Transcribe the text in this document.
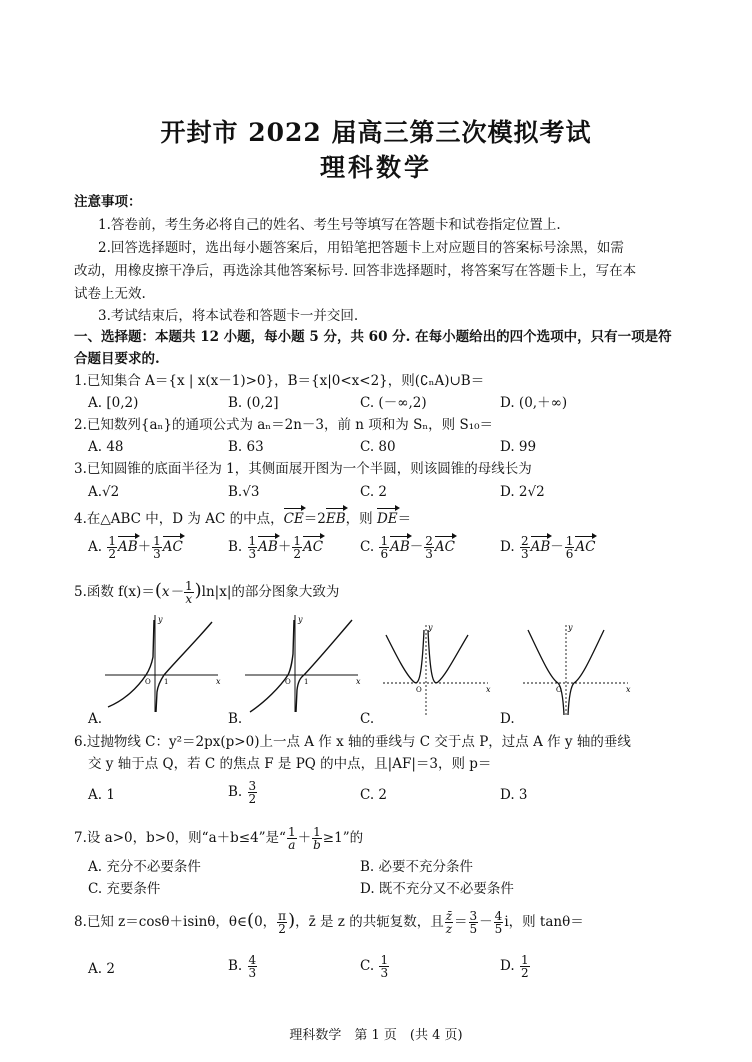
开封市 2022 届高三第三次模拟考试
理科数学
注意事项：
1.答卷前，考生务必将自己的姓名、考生号等填写在答题卡和试卷指定位置上.
2.回答选择题时，选出每小题答案后，用铅笔把答题卡上对应题目的答案标号涂黑，如需
改动，用橡皮擦干净后，再选涂其他答案标号. 回答非选择题时，将答案写在答题卡上，写在本
试卷上无效.
3.考试结束后，将本试卷和答题卡一并交回.
一、选择题：本题共 12 小题，每小题 5 分，共 60 分. 在每小题给出的四个选项中，只有一项是符
合题目要求的.
1.已知集合 A＝{x | x(x－1)>0}，B＝{x|0<x<2}，则(∁ₙA)∪B＝
A. [0,2)	B. (0,2]	C. (－∞,2)	D. (0,＋∞)
2.已知数列{aₙ}的通项公式为 aₙ＝2n－3，前 n 项和为 Sₙ，则 S₁₀＝
A. 48	B. 63	C. 80	D. 99
3.已知圆锥的底面半径为 1，其侧面展开图为一个半圆，则该圆锥的母线长为
A.√2	B.√3	C. 2	D. 2√2
4.在△ABC 中，D 为 AC 的中点，CE＝2EB，则 DE＝
A. $\frac{1}{2} AB+ \frac{1}{3}$ AC	B. $\frac{1}{3} AB+ \frac{1}{2}$ AC	C. $\frac{1}{6} AB- \frac{2}{3}$ AC	D. $\frac{2}{3} AB- \frac{1}{6}$ AC
5.函数 $f(x)=(x- \frac{1}{x} )\ln|x|$的部分图象大致为
y
x
O 1
A.
y
x
O 1
B.
y
x
O
C.
y
x
O
D.
6.过抛物线 C：y²＝2px(p>0)上一点 A 作 x 轴的垂线与 C 交于点 P，过点 A 作 y 轴的垂线
交 y 轴于点 Q，若 C 的焦点 F 是 PQ 的中点，且|AF|＝3，则 p＝
A. 1	B. $\frac{3}{2}$	C. 2	D. 3
7.设 a>0，b>0，则“a＋b≤4”是“ $\frac{1}{a} + \frac{1}{b} \ge 1$”的
A. 充分不必要条件	B. 必要不充分条件
C. 充要条件	D. 既不充分又不必要条件
8.已知 z＝cosθ＋isinθ，θ∈(0， $\frac{\pi}{2}$ )，z̄ 是 z 的共轭复数，且 $\frac{z̄}{z} = \frac{3}{5} - \frac{4}{5}$ i，则 tanθ＝
A. 2	B. $\frac{4}{3}$	C. $\frac{1}{3}$	D. $\frac{1}{2}$
理科数学　第 1 页　(共 4 页)
